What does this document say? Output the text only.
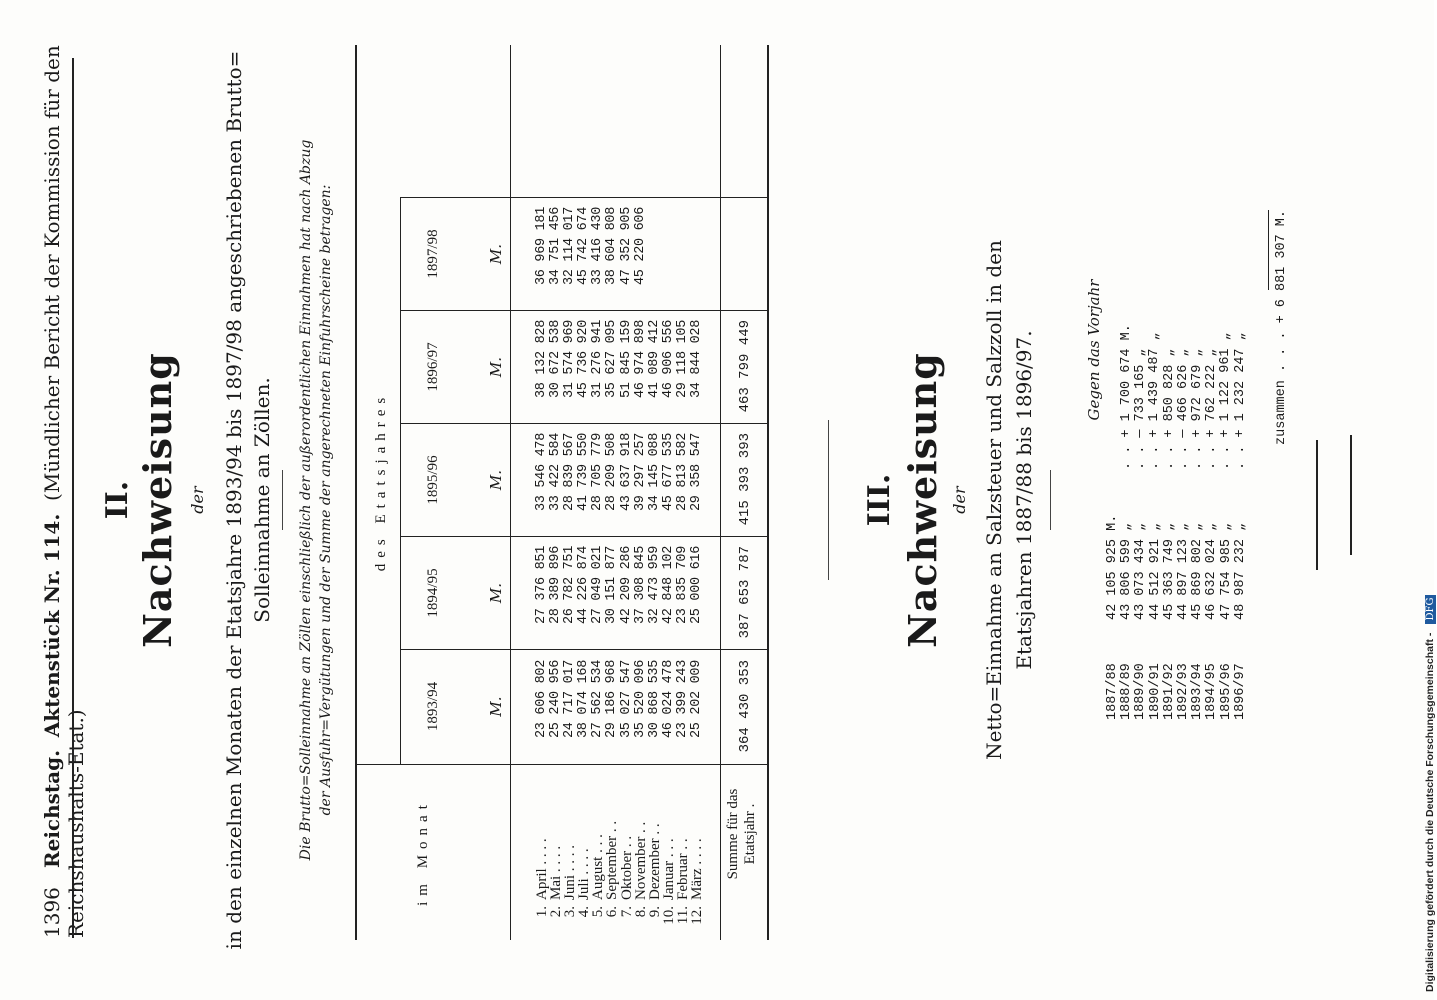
1396   Reichstag.  Aktenstück Nr. 114.  (Mündlicher Bericht der Kommission für den Reichshaushalts-Etat.)
II. Nachweisung der in den einzelnen Monaten der Etatsjahre 1893/94 bis 1897/98 angeschriebenen Brutto= Solleinnahme an Zöllen. Die Brutto=Solleinnahme an Zöllen einschließlich der außerordentlichen Einnahmen hat nach Abzug der Ausfuhr=Vergütungen und der Summe der angerechneten Einfuhrscheine betragen:
im Monat
des Etatsjahres
1893/94
1894/95
1895/96
1896/97
1897/98
M.
M.
M.
M.
M.
1.
2.
3.
4.
5.
6.
7.
8.
9.
10.
11.
12.
April . . . .
Mai . . . .
Juni . . . .
Juli . . . .
August . . .
September . .
Oktober . .
November . .
Dezember . .
Januar . . .
Februar . .
März . . . .
23 606 802 25 240 956 24 717 017 38 074 168 27 562 534 29 186 968 35 027 547 35 520 096 30 868 535 46 024 478 23 399 243 25 202 009
27 376 851 28 389 896 26 782 751 44 226 874 27 049 021 30 151 877 42 209 286 37 308 845 32 473 959 42 848 102 23 835 709 25 000 616
33 546 478 33 422 584 28 839 567 41 739 550 28 705 779 28 209 508 43 637 918 39 297 257 34 145 088 45 677 535 28 813 582 29 358 547
38 132 828 30 672 538 31 574 969 45 736 920 31 276 941 35 627 095 51 845 159 46 974 898 41 089 412 46 906 556 29 118 105 34 844 028
36 969 181 34 751 456 32 114 017 45 742 674 33 416 430 38 604 808 47 352 905 45 220 606
Summe für das Etatsjahr .
364 430 353
387 653 787
415 393 393
463 799 449
III. Nachweisung der Netto=Einnahme an Salzsteuer und Salzzoll in den Etatsjahren 1887/88 bis 1896/97.	Gegen das Vorjahr
1887/88 1888/89 1889/90 1890/91 1891/92 1892/93 1893/94 1894/95 1895/96 1896/97
42 105 925 M. 43 806 599 „ 43 073 434 „ 44 512 921 „ 45 363 749 „ 44 897 123 „ 45 869 802 „ 46 632 024 „ 47 754 985 „ 48 987 232 „
. . + 1 700 674 M. . . — 733 165 „ . . + 1 439 487 „ . . + 850 828 „ . . — 466 626 „ . . + 972 679 „ . . + 762 222 „ . . + 1 122 961 „ . . + 1 232 247 „ zusammen . . . + 6 881 307 M.
Digitalisierung gefördert durch die Deutsche Forschungsgemeinschaft - DFG
